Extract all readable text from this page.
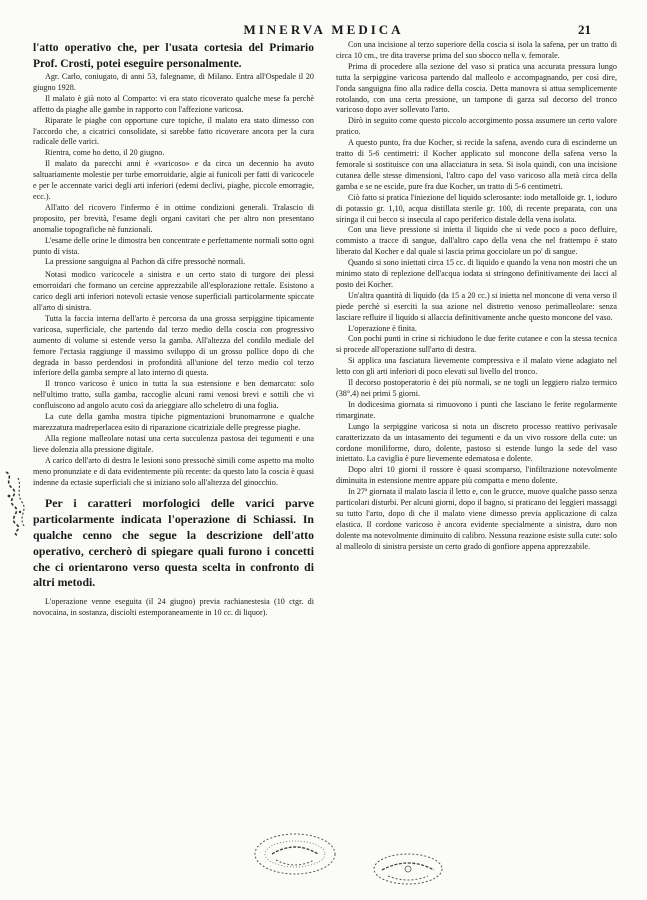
MINERVA MEDICA	21

l'atto operativo che, per l'usata cortesia del Primario Prof. Crosti, potei eseguire personalmente.

Agr. Carlo, coniugato, di anni 53, falegname, di Milano. Entra all'Ospedale il 20 giugno 1928.

Il malato è già noto al Comparto: vi era stato ricoverato qualche mese fa perchè affetto da piaghe alle gambe in rapporto con l'affezione varicosa.

Riparate le piaghe con opportune cure topiche, il malato era stato dimesso con l'accordo che, a cicatrici consolidate, si sarebbe fatto ricoverare ancora per la cura radicale delle varici.

Rientra, come ho detto, il 20 giugno.

Il malato da parecchi anni è «varicoso» e da circa un decennio ha avuto saltuariamente molestie per turbe emorroidarie, algie ai funicoli per fatti di varicocele e per le accennate varici degli arti inferiori (edemi declivi, piaghe, piccole emorragie, ecc.).

All'atto del ricovero l'infermo è in ottime condizioni generali. Tralascio di proposito, per brevità, l'esame degli organi cavitari che per altro non presentano anomalie topografiche nè funzionali.

L'esame delle orine le dimostra ben concentrate e perfettamente normali sotto ogni punto di vista.

La pressione sanguigna al Pachon dà cifre pressochè normali.

Notasi modico varicocele a sinistra e un certo stato di turgore dei plessi emorroidari che formano un cercine apprezzabile all'esplorazione rettale. Esistono a carico degli arti inferiori notevoli ectasie venose superficiali particolarmente spiccate all'arto di sinistra.

Tutta la faccia interna dell'arto è percorsa da una grossa serpiggine tipicamente varicosa, superficiale, che partendo dal terzo medio della coscia con progressivo aumento di volume si estende verso la gamba. All'altezza del condilo mediale del femore l'ectasia raggiunge il massimo sviluppo di un grosso pollice dopo di che degrada in basso perdendosi in profondità all'unione del terzo medio col terzo inferiore della gamba sempre al lato interno di questa.

Il tronco varicoso è unico in tutta la sua estensione e ben demarcato: solo nell'ultimo tratto, sulla gamba, raccoglie alcuni rami venosi brevi e sottili che vi confluiscono ad angolo acuto così da arieggiare allo scheletro di una foglia.

La cute della gamba mostra tipiche pigmentazioni brunomarrone e qualche marezzatura madreperlacea esito di riparazione cicatriziale delle pregresse piaghe.

Alla regione malleolare notasi una certa succulenza pastosa dei tegumenti e una lieve dolenzia alla pressione digitale.

A carico dell'arto di destra le lesioni sono pressochè simili come aspetto ma molto meno pronunziate e di data evidentemente più recente: da questo lato la coscia è quasi indenne da ectasie superficiali che si iniziano solo all'altezza del ginocchio.

Per i caratteri morfologici delle varici parve particolarmente indicata l'operazione di Schiassi. In qualche cenno che segue la descrizione dell'atto operativo, cercherò di spiegare quali furono i concetti che ci orientarono verso questa scelta in confronto di altri metodi.

L'operazione venne eseguita (il 24 giugno) previa rachianestesia (10 ctgr. di novocaina, in sostanza, disciolti estemporaneamente in 10 cc. di liquor).

Con una incisione al terzo superiore della coscia si isola la safena, per un tratto di circa 10 cm., tre dita traverse prima del suo sbocco nella v. femorale.

Prima di procedere alla sezione del vaso si pratica una accurata pressura lungo tutta la serpiggine varicosa partendo dal malleolo e accompagnando, per così dire, l'onda sanguigna fino alla radice della coscia. Detta manovra si attua semplicemente rotolando, con una certa pressione, un tampone di garza sul decorso del tronco varicoso dopo aver sollevato l'arto.

Dirò in seguito come questo piccolo accorgimento possa assumere un certo valore pratico.

A questo punto, fra due Kocher, si recide la safena, avendo cura di escinderne un tratto di 5-6 centimetri: il Kocher applicato sul moncone della safena verso la femorale si sostituisce con una allacciatura in seta. Si isola quindi, con una incisione cutanea delle stesse dimensioni, l'altro capo del vaso varicoso alla metà circa della gamba e se ne escide, pure fra due Kocher, un tratto di 5-6 centimetri.

Ciò fatto si pratica l'iniezione del liquido sclerosante: iodo metalloide gr. 1, ioduro di potassio gr. 1,10, acqua distillata sterile gr. 100, di recente preparata, con una siringa il cui becco si insecula al capo periferico distale della vena isolata.

Con una lieve pressione si inietta il liquido che si vede poco a poco defluire, commisto a tracce di sangue, dall'altro capo della vena che nel frattempo è stato liberato dal Kocher e dal quale si lascia prima gocciolare un po' di sangue.

Quando si sono iniettati circa 15 cc. di liquido e quando la vena non mostri che un minimo stato di replezione dell'acqua iodata si stringono definitivamente dei lacci al posto dei Kocher.

Un'altra quantità di liquido (da 15 a 20 cc.) si inietta nel moncone di vena verso il piede perchè si eserciti la sua azione nel distretto venoso perimalleolare: senza lasciare refluire il liquido si allaccia definitivamente anche questo moncone del vaso.

L'operazione è finita.

Con pochi punti in crine si richiudono le due ferite cutanee e con la stessa tecnica si procede all'operazione sull'arto di destra.

Si applica una fasciatura lievemente compressiva e il malato viene adagiato nel letto con gli arti inferiori di poco elevati sul livello del tronco.

Il decorso postoperatorio è dei più normali, se ne togli un leggiero rialzo termico (38°,4) nei primi 5 giorni.

In dodicesima giornata si rimuovono i punti che lasciano le ferite regolarmente rimarginate.

Lungo la serpiggine varicosa si nota un discreto processo reattivo perivasale caratterizzato da un intasamento dei tegumenti e da un vivo rossore della cute: un cordone moniliforme, duro, dolente, pastoso si estende lungo la sede del vaso iniettato. La caviglia è pure lievemente edematosa e dolente.

Dopo altri 10 giorni il rossore è quasi scomparso, l'infiltrazione notevolmente diminuita in estensione mentre appare più compatta e meno dolente.

In 27ª giornata il malato lascia il letto e, con le grucce, muove qualche passo senza particolari disturbi. Per alcuni giorni, dopo il bagno, si praticano dei leggieri massaggi su tutto l'arto, dopo di che il malato viene dimesso previa applicazione di calza elastica. Il cordone varicoso è ancora evidente specialmente a sinistra, duro non dolente ma notevolmente diminuito di calibro. Nessuna reazione esiste sulla cute: solo al malleolo di sinistra persiste un certo grado di gonfiore appena apprezzabile.
